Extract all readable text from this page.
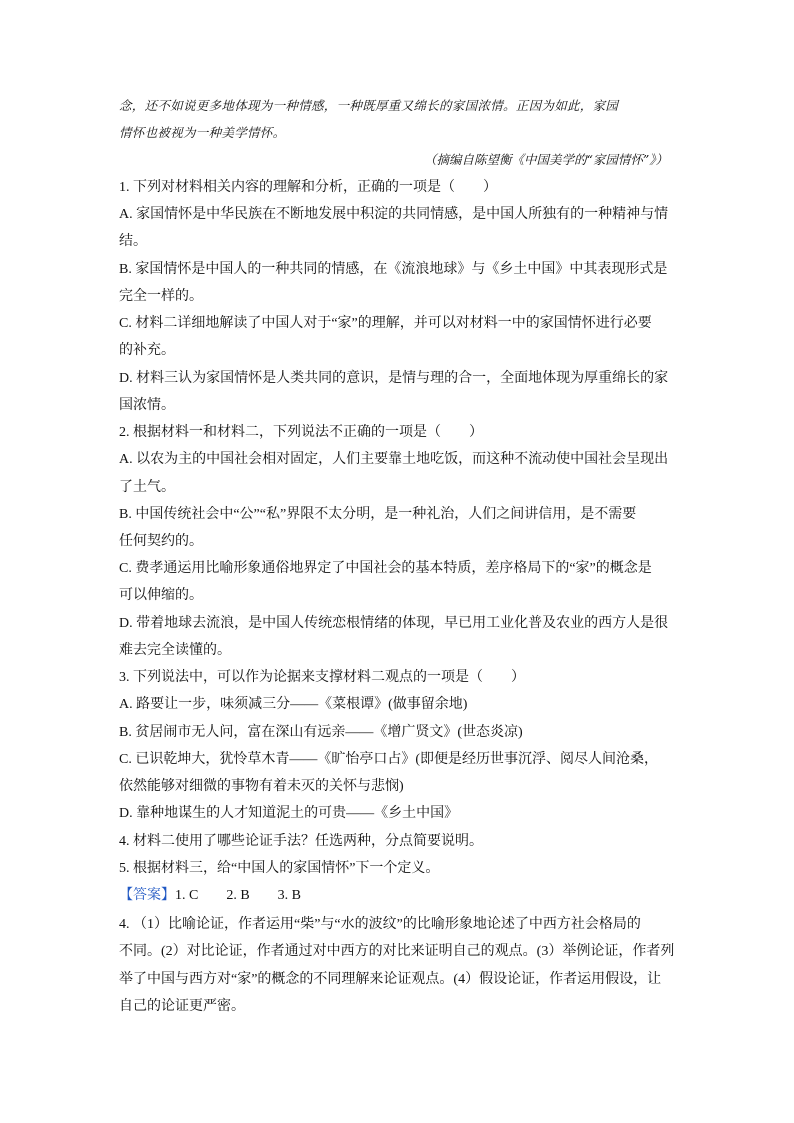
念，还不如说更多地体现为一种情感，一种既厚重又绵长的家国浓情。正因为如此，家园
情怀也被视为一种美学情怀。
（摘编自陈望衡《中国美学的“家园情怀”》）
1. 下列对材料相关内容的理解和分析，正确的一项是（　　）
A. 家国情怀是中华民族在不断地发展中积淀的共同情感，是中国人所独有的一种精神与情
结。
B. 家国情怀是中国人的一种共同的情感，在《流浪地球》与《乡土中国》中其表现形式是
完全一样的。
C. 材料二详细地解读了中国人对于“家”的理解，并可以对材料一中的家国情怀进行必要
的补充。
D. 材料三认为家国情怀是人类共同的意识，是情与理的合一，全面地体现为厚重绵长的家
国浓情。
2. 根据材料一和材料二，下列说法不正确的一项是（　　）
A. 以农为主的中国社会相对固定，人们主要靠土地吃饭，而这种不流动使中国社会呈现出
了土气。
B. 中国传统社会中“公”“私”界限不太分明，是一种礼治，人们之间讲信用，是不需要
任何契约的。
C. 费孝通运用比喻形象通俗地界定了中国社会的基本特质，差序格局下的“家”的概念是
可以伸缩的。
D. 带着地球去流浪，是中国人传统恋根情绪的体现，早已用工业化普及农业的西方人是很
难去完全读懂的。
3. 下列说法中，可以作为论据来支撑材料二观点的一项是（　　）
A. 路要让一步，味须减三分——《菜根谭》(做事留余地)
B. 贫居闹市无人问，富在深山有远亲——《增广贤文》(世态炎凉)
C. 已识乾坤大，犹怜草木青——《旷怡亭口占》(即便是经历世事沉浮、阅尽人间沧桑，
依然能够对细微的事物有着未灭的关怀与悲悯)
D. 靠种地谋生的人才知道泥土的可贵——《乡土中国》
4. 材料二使用了哪些论证手法？任选两种，分点简要说明。
5. 根据材料三，给“中国人的家国情怀”下一个定义。
【答案】1. C　　2. B　　3. B
4. （1）比喻论证，作者运用“柴”与“水的波纹”的比喻形象地论述了中西方社会格局的
不同。(2）对比论证，作者通过对中西方的对比来证明自己的观点。(3）举例论证，作者列
举了中国与西方对“家”的概念的不同理解来论证观点。(4）假设论证，作者运用假设，让
自己的论证更严密。
